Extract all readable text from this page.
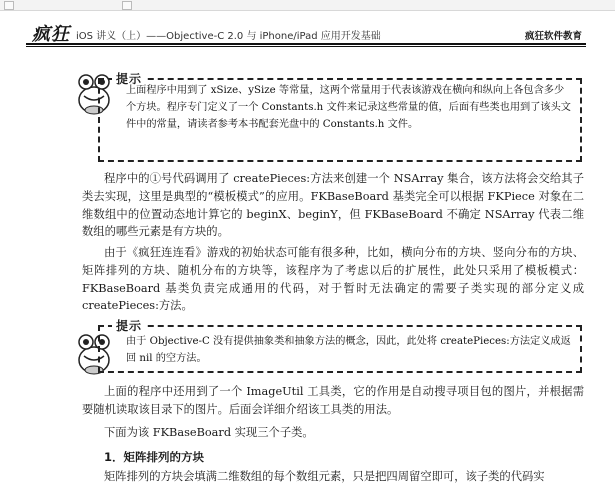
疯狂 iOS 讲义（上）——Objective-C 2.0 与 iPhone/iPad 应用开发基础	疯狂软件教育
提示
上面程序中用到了 xSize、ySize 等常量，这两个常量用于代表该游戏在横向和纵向上各包含多少个方块。程序专门定义了一个 Constants.h 文件来记录这些常量的值，后面有些类也用到了该头文件中的常量，请读者参考本书配套光盘中的 Constants.h 文件。
程序中的①号代码调用了 createPieces:方法来创建一个 NSArray 集合，该方法将会交给其子类去实现，这里是典型的“模板模式”的应用。FKBaseBoard 基类完全可以根据 FKPiece 对象在二维数组中的位置动态地计算它的 beginX、beginY，但 FKBaseBoard 不确定 NSArray 代表二维数组的哪些元素是有方块的。
由于《疯狂连连看》游戏的初始状态可能有很多种，比如，横向分布的方块、竖向分布的方块、矩阵排列的方块、随机分布的方块等，该程序为了考虑以后的扩展性，此处只采用了模板模式：FKBaseBoard 基类负责完成通用的代码，对于暂时无法确定的需要子类实现的部分定义成 createPieces:方法。
提示
由于 Objective-C 没有提供抽象类和抽象方法的概念，因此，此处将 createPieces:方法定义成返回 nil 的空方法。
上面的程序中还用到了一个 ImageUtil 工具类，它的作用是自动搜寻项目包的图片，并根据需要随机读取该目录下的图片。后面会详细介绍该工具类的用法。
下面为该 FKBaseBoard 实现三个子类。
1．矩阵排列的方块
矩阵排列的方块会填满二维数组的每个数组元素，只是把四周留空即可，该子类的代码实
